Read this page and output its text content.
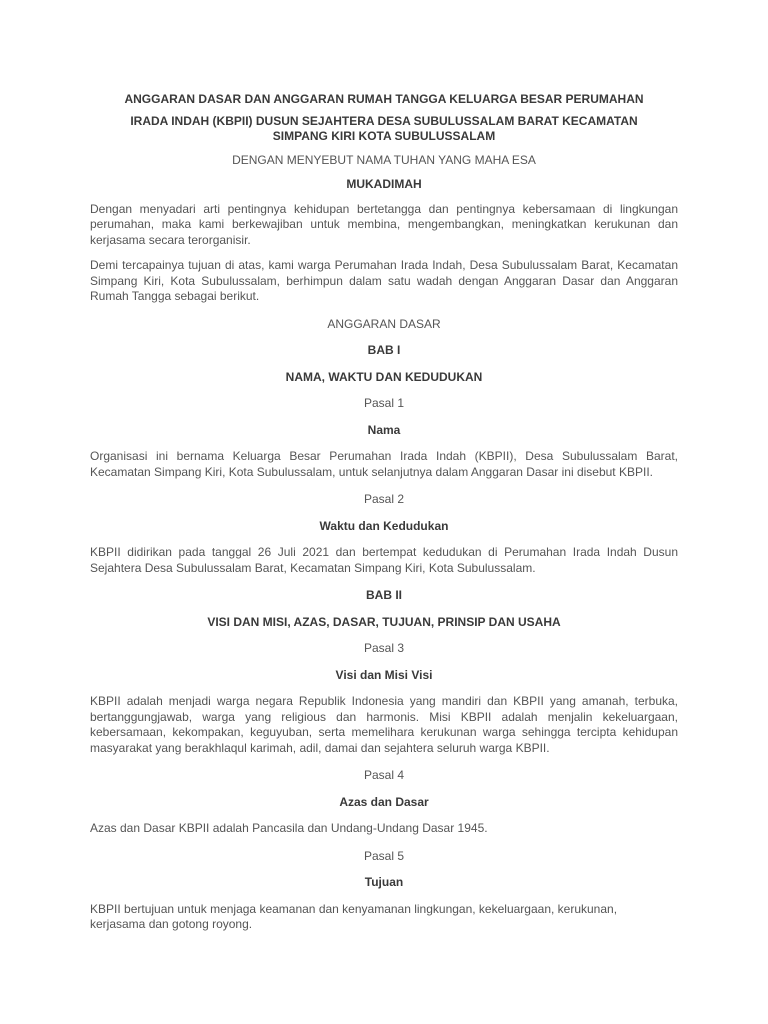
ANGGARAN DASAR DAN ANGGARAN RUMAH TANGGA KELUARGA BESAR PERUMAHAN
IRADA INDAH (KBPII) DUSUN SEJAHTERA DESA SUBULUSSALAM BARAT KECAMATAN SIMPANG KIRI KOTA SUBULUSSALAM
DENGAN MENYEBUT NAMA TUHAN YANG MAHA ESA
MUKADIMAH
Dengan menyadari arti pentingnya kehidupan bertetangga dan pentingnya kebersamaan di lingkungan perumahan, maka kami berkewajiban untuk membina, mengembangkan, meningkatkan kerukunan dan kerjasama secara terorganisir.
Demi tercapainya tujuan di atas, kami warga Perumahan Irada Indah, Desa Subulussalam Barat, Kecamatan Simpang Kiri, Kota Subulussalam, berhimpun dalam satu wadah dengan Anggaran Dasar dan Anggaran Rumah Tangga sebagai berikut.
ANGGARAN DASAR
BAB I
NAMA, WAKTU DAN KEDUDUKAN
Pasal 1
Nama
Organisasi ini bernama Keluarga Besar Perumahan Irada Indah (KBPII), Desa Subulussalam Barat, Kecamatan Simpang Kiri, Kota Subulussalam, untuk selanjutnya dalam Anggaran Dasar ini disebut KBPII.
Pasal 2
Waktu dan Kedudukan
KBPII didirikan pada tanggal 26 Juli 2021 dan bertempat kedudukan di Perumahan Irada Indah Dusun Sejahtera Desa Subulussalam Barat, Kecamatan Simpang Kiri, Kota Subulussalam.
BAB II
VISI DAN MISI, AZAS, DASAR, TUJUAN, PRINSIP DAN USAHA
Pasal 3
Visi dan Misi Visi
KBPII adalah menjadi warga negara Republik Indonesia yang mandiri dan KBPII yang amanah, terbuka, bertanggungjawab, warga yang religious dan harmonis. Misi KBPII adalah menjalin kekeluargaan, kebersamaan, kekompakan, keguyuban, serta memelihara kerukunan warga sehingga tercipta kehidupan masyarakat yang berakhlaqul karimah, adil, damai dan sejahtera seluruh warga KBPII.
Pasal 4
Azas dan Dasar
Azas dan Dasar KBPII adalah Pancasila dan Undang-Undang Dasar 1945.
Pasal 5
Tujuan
KBPII bertujuan untuk menjaga keamanan dan kenyamanan lingkungan, kekeluargaan, kerukunan, kerjasama dan gotong royong.
